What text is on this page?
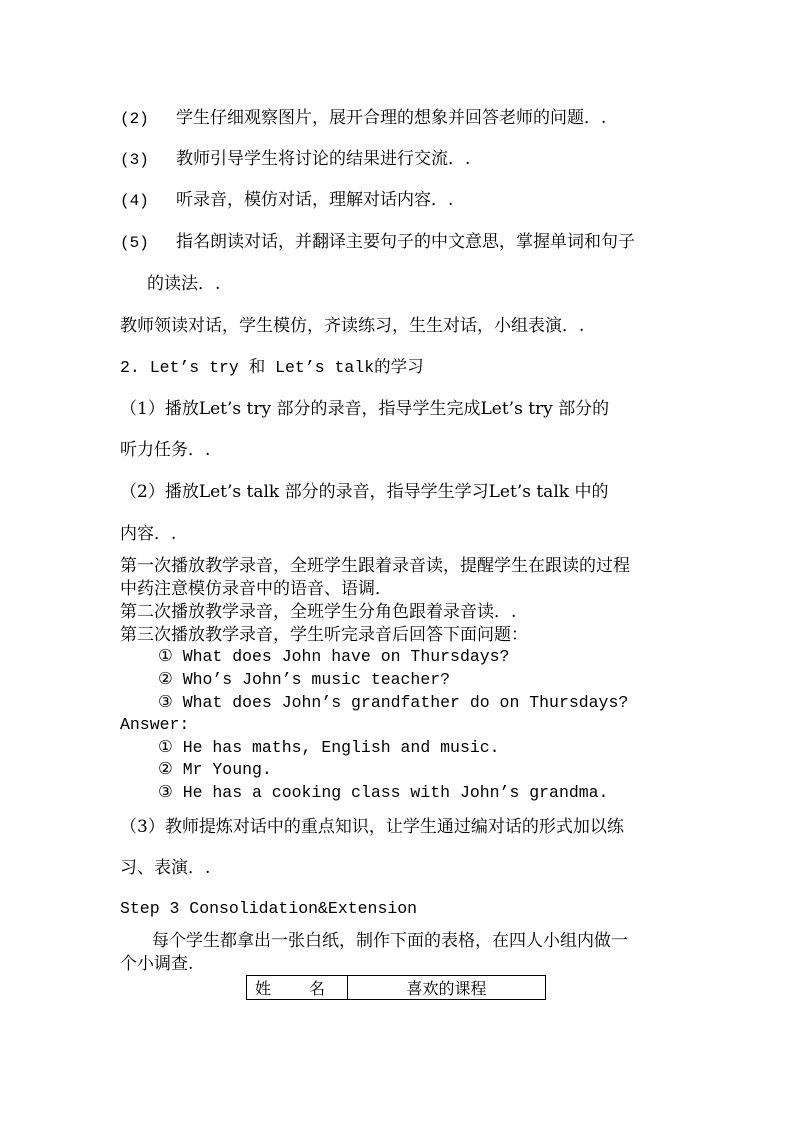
(2) 学生仔细观察图片，展开合理的想象并回答老师的问题．.
(3) 教师引导学生将讨论的结果进行交流．.
(4) 听录音，模仿对话，理解对话内容．.
(5) 指名朗读对话，并翻译主要句子的中文意思，掌握单词和句子
的读法．.
教师领读对话，学生模仿，齐读练习，生生对话，小组表演．.
2. Let’s try 和 Let’s talk的学习
（1）播放Let’s try 部分的录音，指导学生完成Let’s try 部分的
听力任务．.
（2）播放Let’s talk 部分的录音，指导学生学习Let’s talk 中的
内容．.
第一次播放教学录音，全班学生跟着录音读，提醒学生在跟读的过程
中药注意模仿录音中的语音、语调．
第二次播放教学录音，全班学生分角色跟着录音读．.
第三次播放教学录音，学生听完录音后回答下面问题：
① What does John have on Thursdays?
② Who’s John’s music teacher?
③ What does John’s grandfather do on Thursdays?
Answer:
① He has maths, English and music.
② Mr Young.
③ He has a cooking class with John’s grandma.
（3）教师提炼对话中的重点知识，让学生通过编对话的形式加以练
习、表演．.
Step 3 Consolidation&Extension
每个学生都拿出一张白纸，制作下面的表格，在四人小组内做一
个小调查.
姓 名	喜欢的课程
